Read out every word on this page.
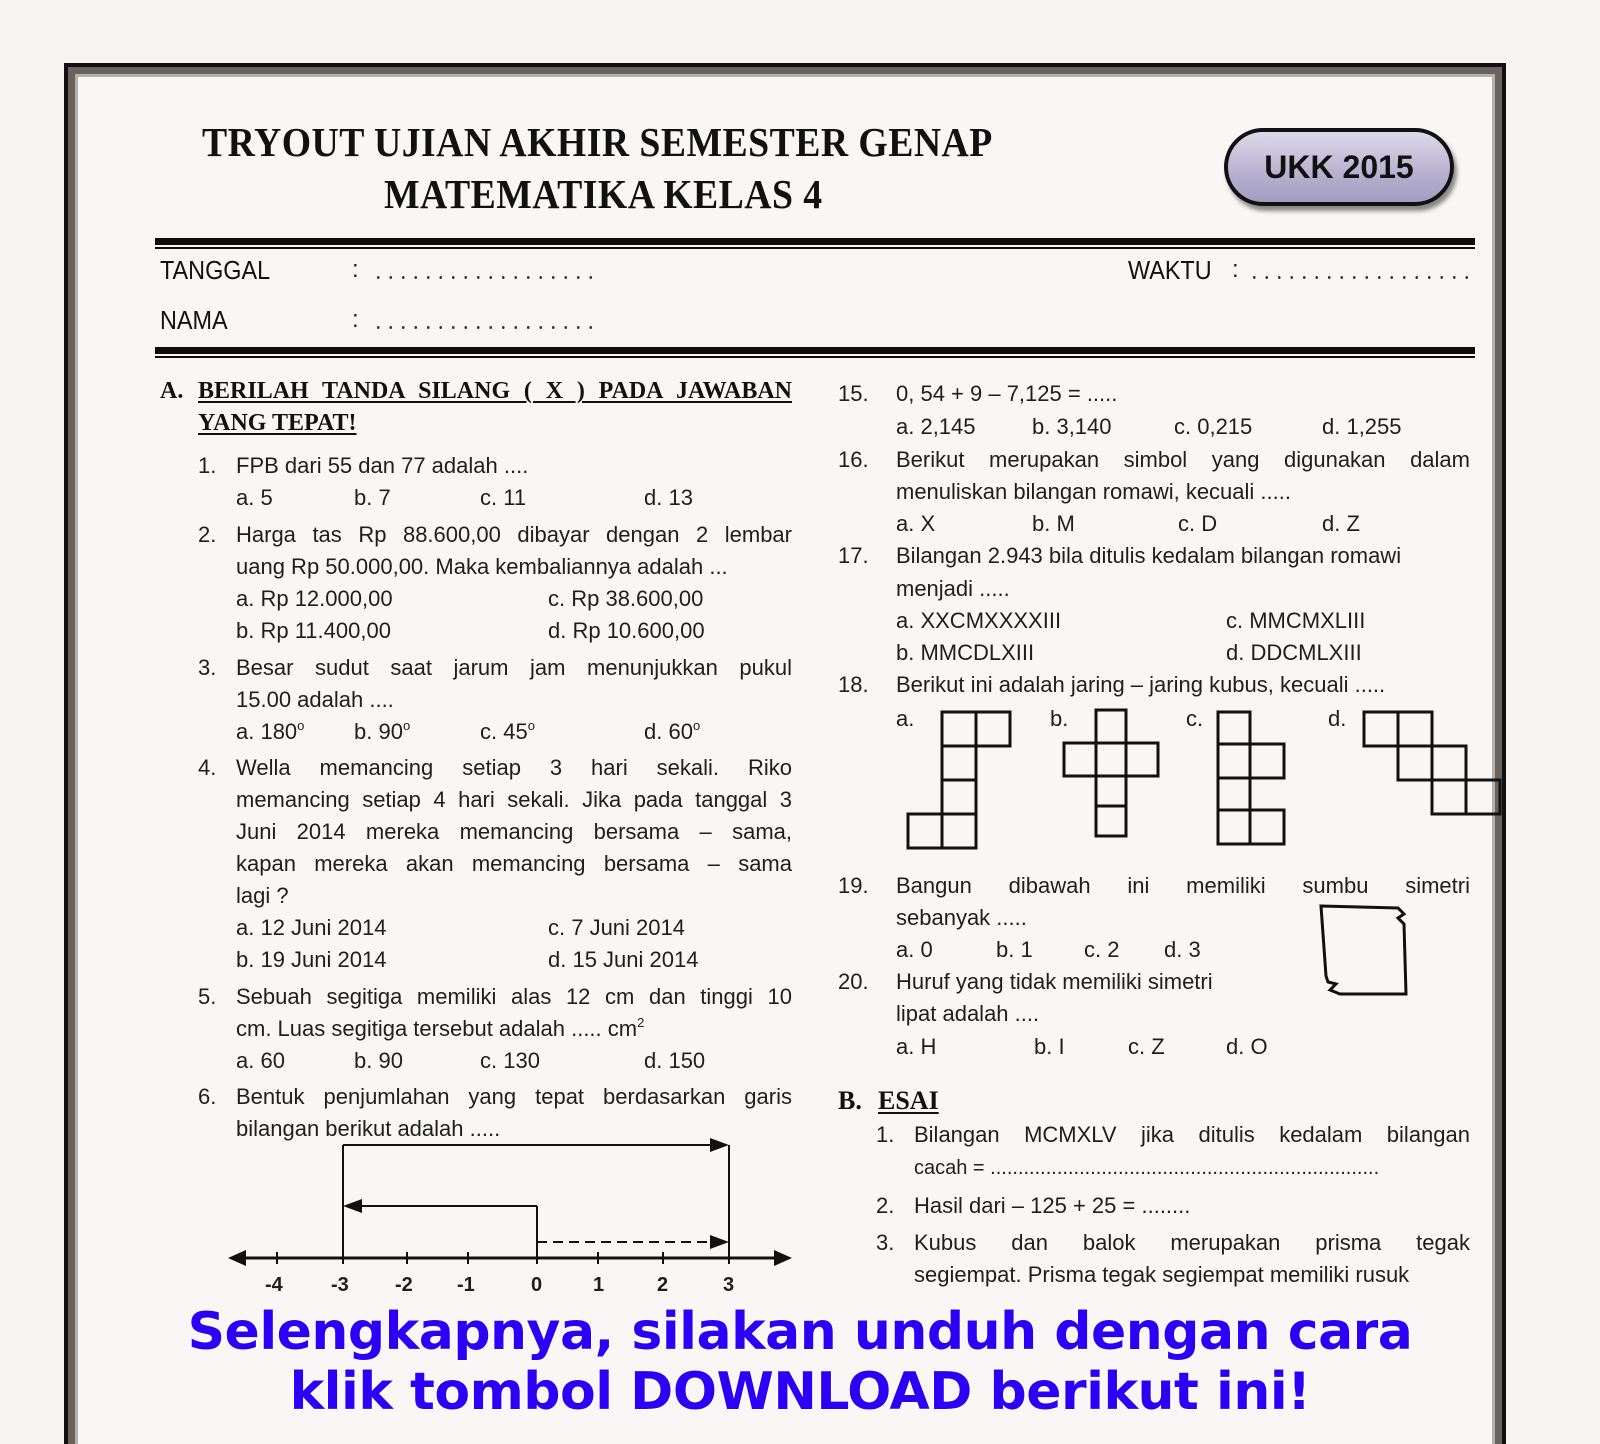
TRYOUT UJIAN AKHIR SEMESTER GENAP
MATEMATIKA KELAS 4
UKK 2015
TANGGAL	:	WAKTU :
NAMA	:
A. BERILAH TANDA SILANG ( X ) PADA JAWABAN
YANG TEPAT!
1. FPB dari 55 dan 77 adalah ....
a. 5	b. 7	c. 11	d. 13
2. Harga tas Rp 88.600,00 dibayar dengan 2 lembar
uang Rp 50.000,00. Maka kembaliannya adalah ...
a. Rp 12.000,00	c. Rp 38.600,00
b. Rp 11.400,00	d. Rp 10.600,00
3. Besar sudut saat jarum jam menunjukkan pukul
15.00 adalah ....
a. 180$^o$ b. 90$^o$	c. 45$^o$	d. 60$^o$
4. Wella memancing setiap 3 hari sekali. Riko
memancing setiap 4 hari sekali. Jika pada tanggal 3
Juni 2014 mereka memancing bersama – sama,
kapan mereka akan memancing bersama – sama
lagi ?
a. 12 Juni 2014	c. 7 Juni 2014
b. 19 Juni 2014	d. 15 Juni 2014
5. Sebuah segitiga memiliki alas 12 cm dan tinggi 10
cm. Luas segitiga tersebut adalah ..... $cm^2$
a. 60	b. 90	c. 130	d. 150
6. Bentuk penjumlahan yang tepat berdasarkan garis
bilangan berikut adalah .....
-4 -3 -2 -1	0	1	2	3
15. 0, 54 + 9 – 7,125 = .....
a. 2,145	b. 3,140	c. 0,215	d. 1,255
16. Berikut merupakan simbol yang digunakan dalam
menuliskan bilangan romawi, kecuali .....
a. X	b. M	c. D	d. Z
17. Bilangan 2.943 bila ditulis kedalam bilangan romawi
menjadi .....
a. XXCMXXXXIII	c. MMCMXLIII
b. MMCDLXIII	d. DDCMLXIII
18. Berikut ini adalah jaring – jaring kubus, kecuali .....
a.	b.	c.	d.
19. Bangun dibawah ini memiliki sumbu simetri
sebanyak .....
a. 0	b. 1 c. 2 d. 3
20. Huruf yang tidak memiliki simetri
lipat adalah ....
a. H	b. I	c. Z	d. O
B. ESAI
1. Bilangan MCMXLV jika ditulis kedalam bilangan
cacah = ......................................................................
2. Hasil dari – 125 + 25 = ........
3. Kubus dan balok merupakan prisma tegak
segiempat. Prisma tegak segiempat memiliki rusuk
Selengkapnya, silakan unduh dengan cara
klik tombol DOWNLOAD berikut ini!
